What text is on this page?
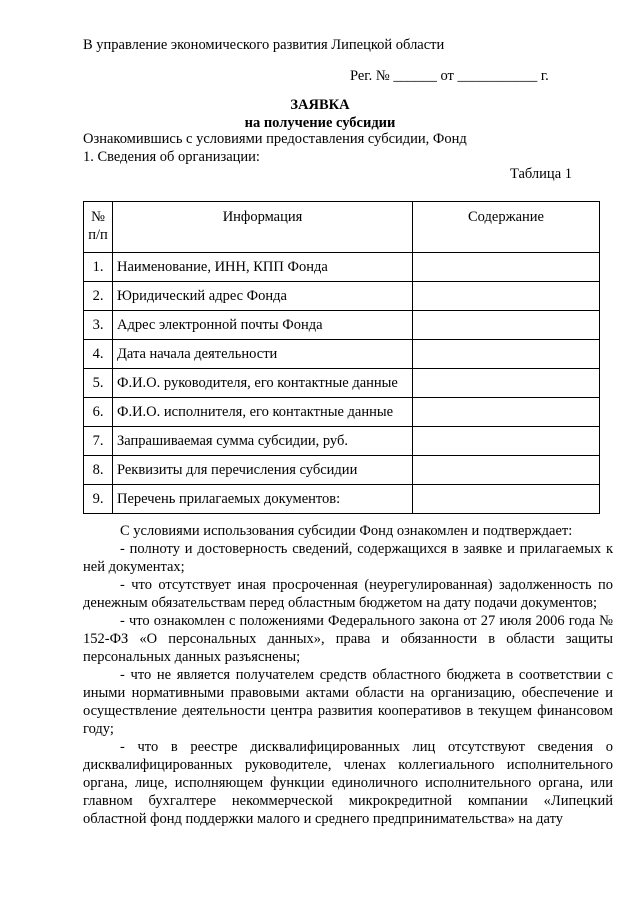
В управление экономического развития Липецкой области
Рег. № ______ от ___________ г.
ЗАЯВКА
на получение субсидии
Ознакомившись с условиями предоставления субсидии, Фонд
1. Сведения об организации:
Таблица 1
№ п/п	Информация	Содержание
1.	Наименование, ИНН, КПП Фонда	
2.	Юридический адрес Фонда	
3.	Адрес электронной почты Фонда	
4.	Дата начала деятельности	
5.	Ф.И.О. руководителя, его контактные данные	
6.	Ф.И.О. исполнителя, его контактные данные	
7.	Запрашиваемая сумма субсидии, руб.	
8.	Реквизиты для перечисления субсидии	
9.	Перечень прилагаемых документов:	

С условиями использования субсидии Фонд ознакомлен и подтверждает:

- полноту и достоверность сведений, содержащихся в заявке и прилагаемых к ней документах;

- что отсутствует иная просроченная (неурегулированная) задолженность по денежным обязательствам перед областным бюджетом на дату подачи документов;

- что ознакомлен с положениями Федерального закона от 27 июля 2006 года № 152-ФЗ «О персональных данных», права и обязанности в области защиты персональных данных разъяснены;

- что не является получателем средств областного бюджета в соответствии с иными нормативными правовыми актами области на организацию, обеспечение и осуществление деятельности центра развития кооперативов в текущем финансовом году;

- что в реестре дисквалифицированных лиц отсутствуют сведения о дисквалифицированных руководителе, членах коллегиального исполнительного органа, лице, исполняющем функции единоличного исполнительного органа, или главном бухгалтере некоммерческой микрокредитной компании «Липецкий областной фонд поддержки малого и среднего предпринимательства» на дату
